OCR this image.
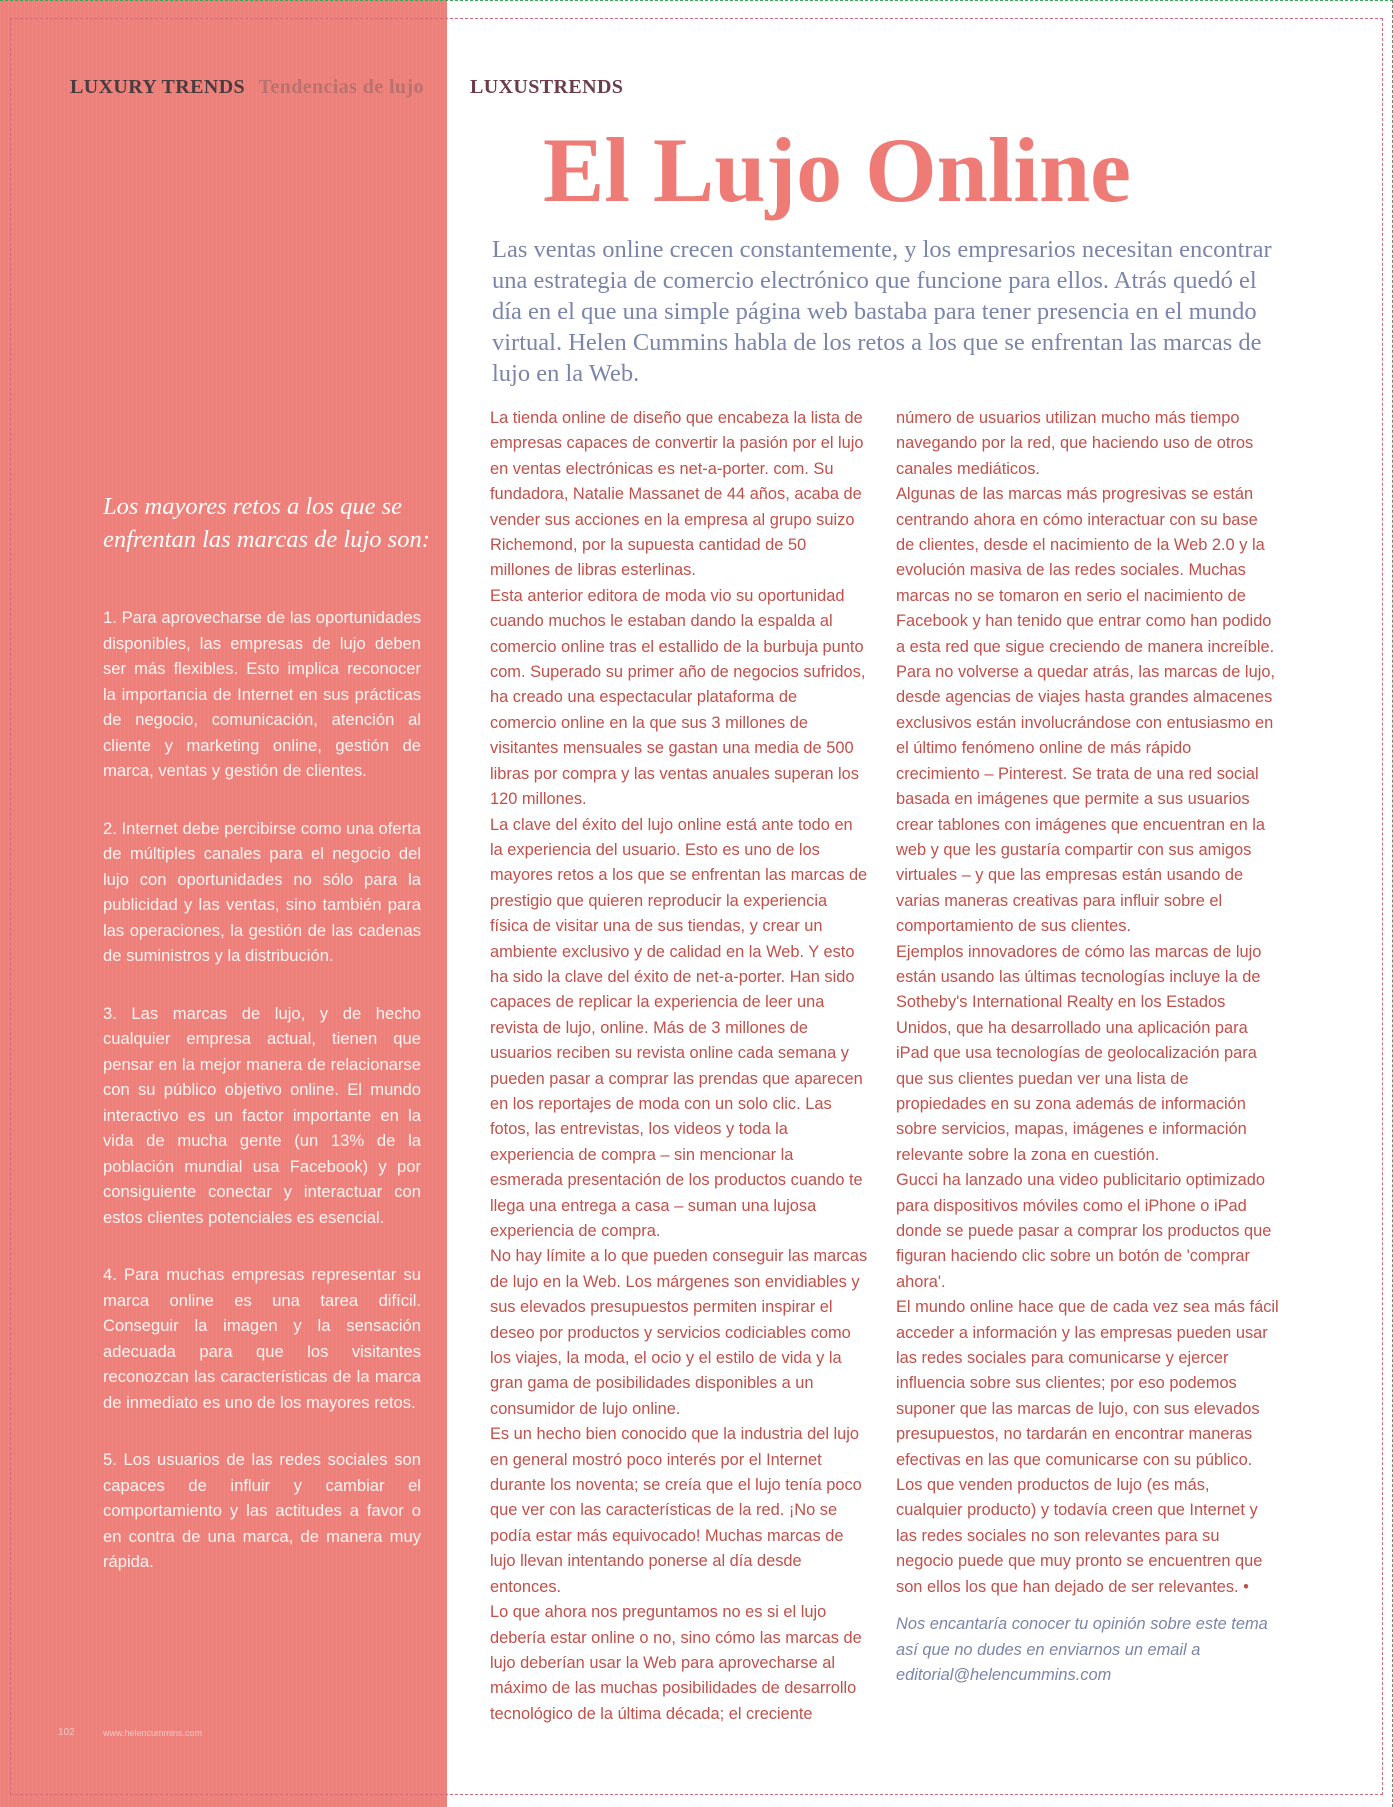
LUXURY TRENDS Tendencias de lujo LUXUSTRENDS
El Lujo Online

Las ventas online crecen constantemente, y los empresarios necesitan encontrar una estrategia de comercio electrónico que funcione para ellos. Atrás quedó el día en el que una simple página web bastaba para tener presencia en el mundo virtual. Helen Cummins habla de los retos a los que se enfrentan las marcas de lujo en la Web.

Los mayores retos a los que se enfrentan las marcas de lujo son:

1. Para aprovecharse de las oportunidades disponibles, las empresas de lujo deben ser más flexibles. Esto implica reconocer la importancia de Internet en sus prácticas de negocio, comunicación, atención al cliente y marketing online, gestión de marca, ventas y gestión de clientes.
2. Internet debe percibirse como una oferta de múltiples canales para el negocio del lujo con oportunidades no sólo para la publicidad y las ventas, sino también para las operaciones, la gestión de las cadenas de suministros y la distribución.
3. Las marcas de lujo, y de hecho cualquier empresa actual, tienen que pensar en la mejor manera de relacionarse con su público objetivo online. El mundo interactivo es un factor importante en la vida de mucha gente (un 13% de la población mundial usa Facebook) y por consiguiente conectar y interactuar con estos clientes potenciales es esencial.
4. Para muchas empresas representar su marca online es una tarea difícil. Conseguir la imagen y la sensación adecuada para que los visitantes reconozcan las características de la marca de inmediato es uno de los mayores retos.
5. Los usuarios de las redes sociales son capaces de influir y cambiar el comportamiento y las actitudes a favor o en contra de una marca, de manera muy rápida.

La tienda online de diseño que encabeza la lista de empresas capaces de convertir la pasión por el lujo en ventas electrónicas es net-a-porter. com. Su fundadora, Natalie Massanet de 44 años, acaba de vender sus acciones en la empresa al grupo suizo Richemond, por la supuesta cantidad de 50 millones de libras esterlinas.

Esta anterior editora de moda vio su oportunidad cuando muchos le estaban dando la espalda al comercio online tras el estallido de la burbuja punto com. Superado su primer año de negocios sufridos, ha creado una espectacular plataforma de comercio online en la que sus 3 millones de visitantes mensuales se gastan una media de 500 libras por compra y las ventas anuales superan los 120 millones.

La clave del éxito del lujo online está ante todo en la experiencia del usuario. Esto es uno de los mayores retos a los que se enfrentan las marcas de prestigio que quieren reproducir la experiencia física de visitar una de sus tiendas, y crear un ambiente exclusivo y de calidad en la Web. Y esto ha sido la clave del éxito de net-a-porter. Han sido capaces de replicar la experiencia de leer una revista de lujo, online. Más de 3 millones de usuarios reciben su revista online cada semana y pueden pasar a comprar las prendas que aparecen en los reportajes de moda con un solo clic. Las fotos, las entrevistas, los videos y toda la experiencia de compra – sin mencionar la esmerada presentación de los productos cuando te llega una entrega a casa – suman una lujosa experiencia de compra.

No hay límite a lo que pueden conseguir las marcas de lujo en la Web. Los márgenes son envidiables y sus elevados presupuestos permiten inspirar el deseo por productos y servicios codiciables como los viajes, la moda, el ocio y el estilo de vida y la gran gama de posibilidades disponibles a un consumidor de lujo online.

Es un hecho bien conocido que la industria del lujo en general mostró poco interés por el Internet durante los noventa; se creía que el lujo tenía poco que ver con las características de la red. ¡No se podía estar más equivocado! Muchas marcas de lujo llevan intentando ponerse al día desde entonces.

Lo que ahora nos preguntamos no es si el lujo debería estar online o no, sino cómo las marcas de lujo deberían usar la Web para aprovecharse al máximo de las muchas posibilidades de desarrollo tecnológico de la última década; el creciente

número de usuarios utilizan mucho más tiempo navegando por la red, que haciendo uso de otros canales mediáticos.

Algunas de las marcas más progresivas se están centrando ahora en cómo interactuar con su base de clientes, desde el nacimiento de la Web 2.0 y la evolución masiva de las redes sociales. Muchas marcas no se tomaron en serio el nacimiento de Facebook y han tenido que entrar como han podido a esta red que sigue creciendo de manera increíble.

Para no volverse a quedar atrás, las marcas de lujo, desde agencias de viajes hasta grandes almacenes exclusivos están involucrándose con entusiasmo en el último fenómeno online de más rápido crecimiento – Pinterest. Se trata de una red social basada en imágenes que permite a sus usuarios crear tablones con imágenes que encuentran en la web y que les gustaría compartir con sus amigos virtuales – y que las empresas están usando de varias maneras creativas para influir sobre el comportamiento de sus clientes.

Ejemplos innovadores de cómo las marcas de lujo están usando las últimas tecnologías incluye la de Sotheby's International Realty en los Estados Unidos, que ha desarrollado una aplicación para iPad que usa tecnologías de geolocalización para que sus clientes puedan ver una lista de propiedades en su zona además de información sobre servicios, mapas, imágenes e información relevante sobre la zona en cuestión.

Gucci ha lanzado una video publicitario optimizado para dispositivos móviles como el iPhone o iPad donde se puede pasar a comprar los productos que figuran haciendo clic sobre un botón de 'comprar ahora'.

El mundo online hace que de cada vez sea más fácil acceder a información y las empresas pueden usar las redes sociales para comunicarse y ejercer influencia sobre sus clientes; por eso podemos suponer que las marcas de lujo, con sus elevados presupuestos, no tardarán en encontrar maneras efectivas en las que comunicarse con su público.

Los que venden productos de lujo (es más, cualquier producto) y todavía creen que Internet y las redes sociales no son relevantes para su negocio puede que muy pronto se encuentren que son ellos los que han dejado de ser relevantes. •

Nos encantaría conocer tu opinión sobre este tema así que no dudes en enviarnos un email a editorial@helencummins.com

102	www.helencummins.com
